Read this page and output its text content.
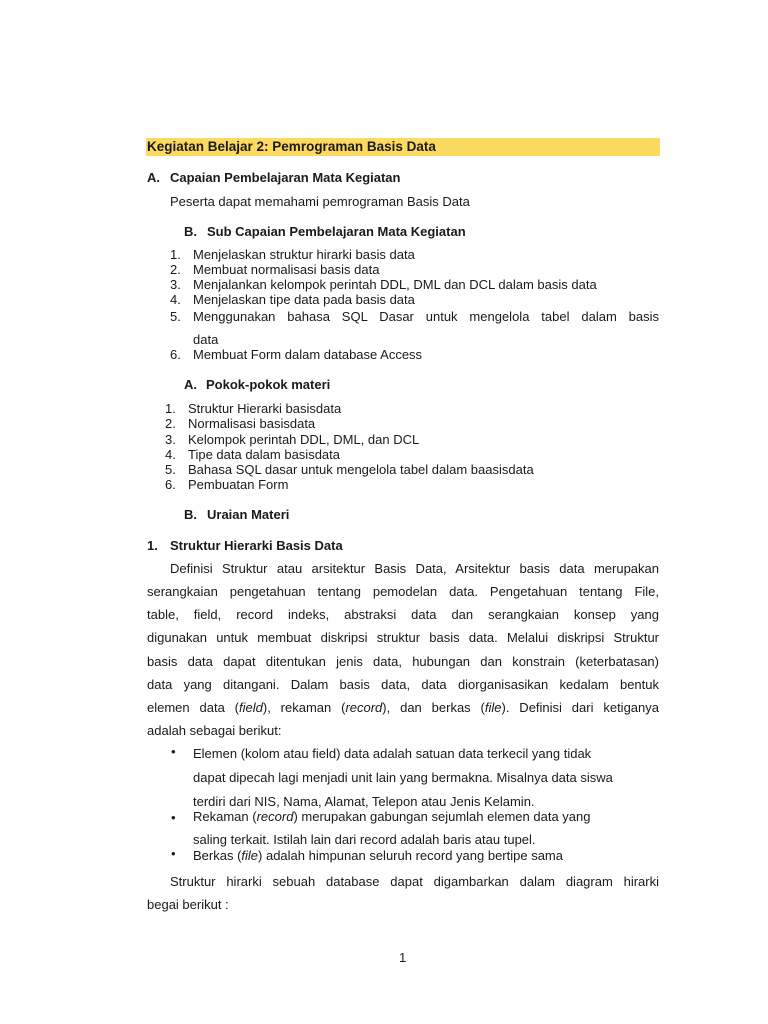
Kegiatan Belajar 2: Pemrograman Basis Data
A. Capaian Pembelajaran Mata Kegiatan
Peserta dapat memahami pemrograman Basis Data
B. Sub Capaian Pembelajaran Mata Kegiatan
1. Menjelaskan struktur hirarki basis data
2. Membuat normalisasi basis data
3. Menjalankan kelompok perintah DDL, DML dan DCL dalam basis data
4. Menjelaskan tipe data pada basis data
5. Menggunakan bahasa SQL Dasar untuk mengelola tabel dalam basis
data
6. Membuat Form dalam database Access
A. Pokok-pokok materi
1. Struktur Hierarki basisdata
2. Normalisasi basisdata
3. Kelompok perintah DDL, DML, dan DCL
4. Tipe data dalam basisdata
5. Bahasa SQL dasar untuk mengelola tabel dalam baasisdata
6. Pembuatan Form
B. Uraian Materi
1. Struktur Hierarki Basis Data
Definisi Struktur atau arsitektur Basis Data, Arsitektur basis data merupakan
serangkaian pengetahuan tentang pemodelan data. Pengetahuan tentang File,
table, field, record indeks, abstraksi data dan serangkaian konsep yang
digunakan untuk membuat diskripsi struktur basis data. Melalui diskripsi Struktur
basis data dapat ditentukan jenis data, hubungan dan konstrain (keterbatasan)
data yang ditangani. Dalam basis data, data diorganisasikan kedalam bentuk
elemen data (field), rekaman (record), dan berkas (file). Definisi dari ketiganya
adalah sebagai berikut:
• Elemen (kolom atau field) data adalah satuan data terkecil yang tidak
dapat dipecah lagi menjadi unit lain yang bermakna. Misalnya data siswa
terdiri dari NIS, Nama, Alamat, Telepon atau Jenis Kelamin.
• Rekaman (record) merupakan gabungan sejumlah elemen data yang
saling terkait. Istilah lain dari record adalah baris atau tupel.
• Berkas (file) adalah himpunan seluruh record yang bertipe sama
Struktur hirarki sebuah database dapat digambarkan dalam diagram hirarki
begai berikut :
1
